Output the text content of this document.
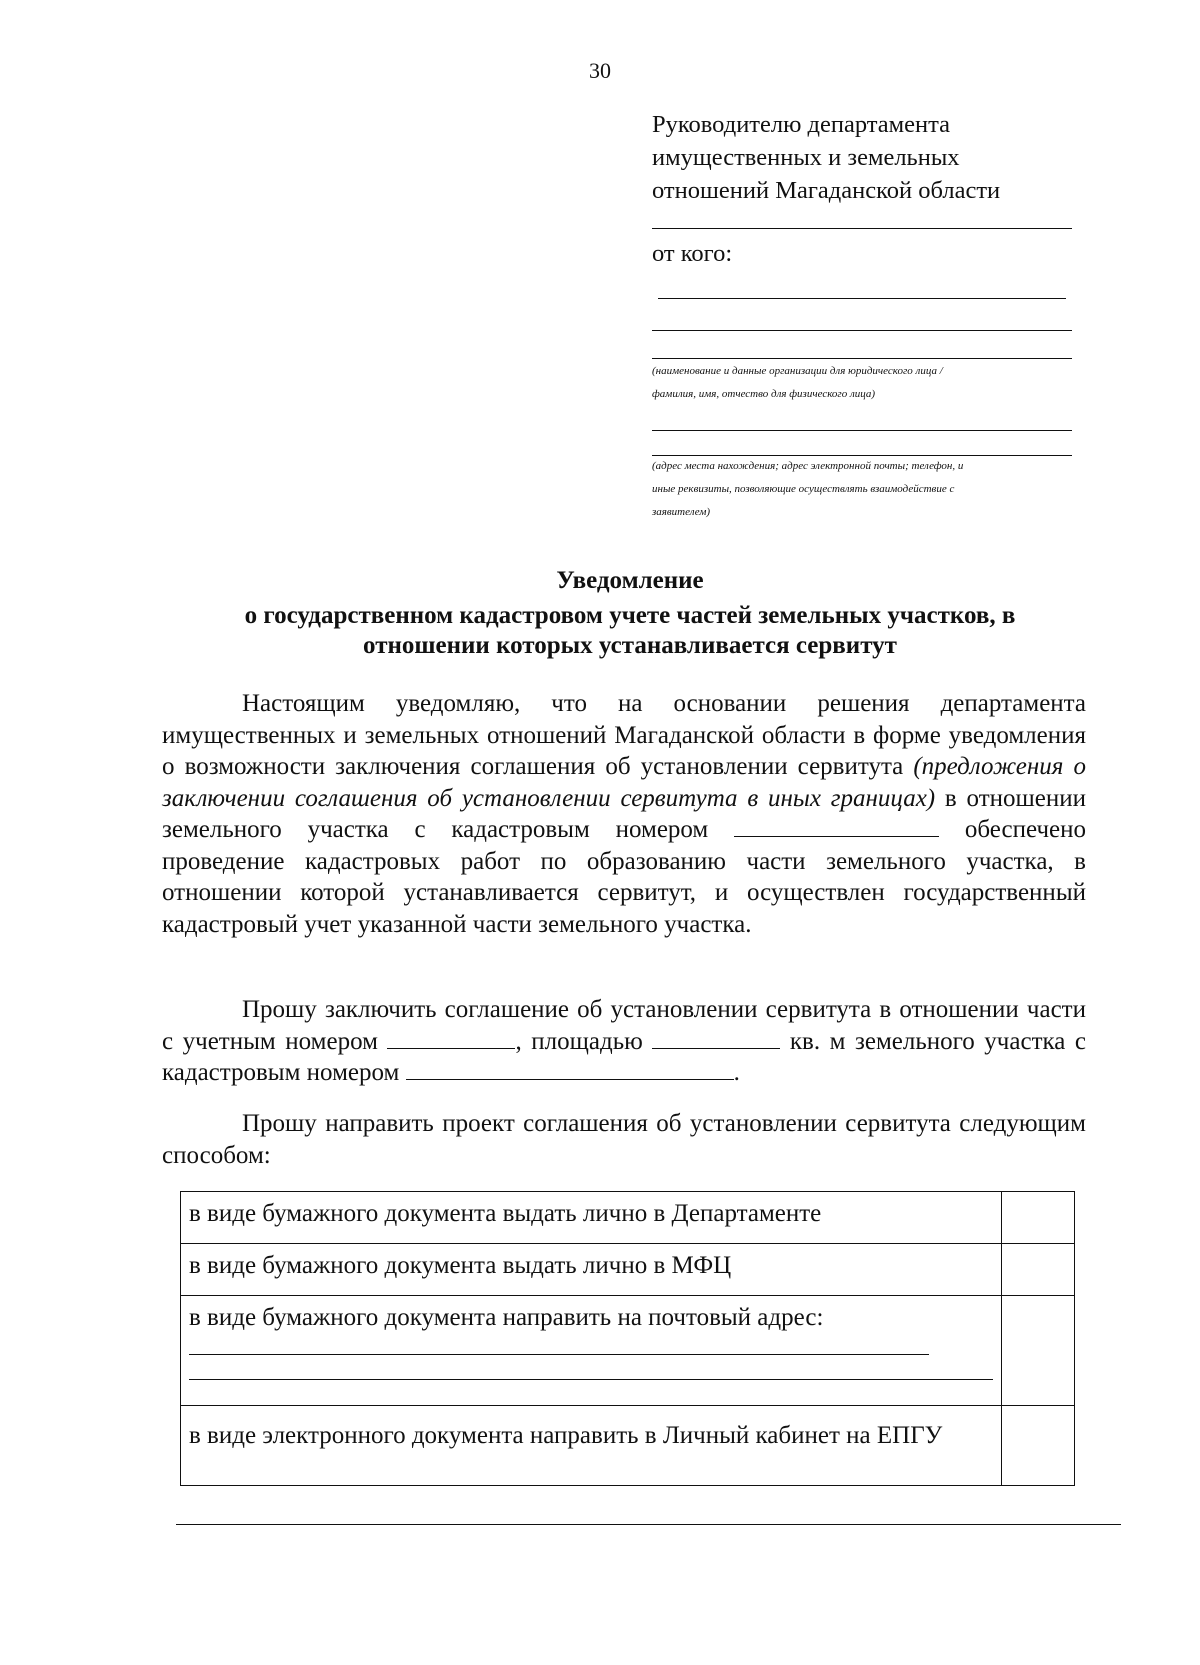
30
Руководителю департамента
имущественных и земельных
отношений Магаданской области
от кого:
(наименование и данные организации для юридического лица /
фамилия, имя, отчество для физического лица)
(адрес места нахождения; адрес электронной почты; телефон, и
иные реквизиты, позволяющие осуществлять взаимодействие с
заявителем)
Уведомление
о государственном кадастровом учете частей земельных участков, в
отношении которых устанавливается сервитут
Настоящим уведомляю, что на основании решения департамента имущественных и земельных отношений Магаданской области в форме уведомления о возможности заключения соглашения об установлении сервитута (предложения о заключении соглашения об установлении сервитута в иных границах) в отношении земельного участка с кадастровым номером	обеспечено проведение кадастровых работ по образованию части земельного участка, в отношении которой устанавливается сервитут, и осуществлен государственный кадастровый учет указанной части земельного участка.
Прошу заключить соглашение об установлении сервитута в отношении части с учетным номером	, площадью	кв. м земельного участка с кадастровым номером	.
Прошу направить проект соглашения об установлении сервитута следующим способом:
в виде бумажного документа выдать лично в Департаменте	
в виде бумажного документа выдать лично в МФЦ	
в виде бумажного документа направить на почтовый адрес:

в виде электронного документа направить в Личный кабинет на ЕПГУ	
